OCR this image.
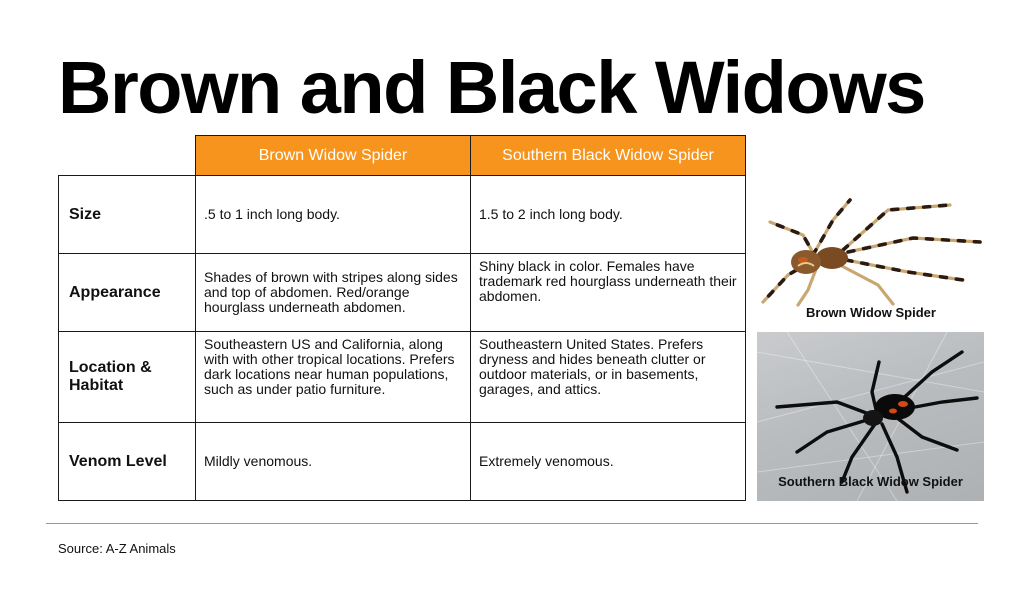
Brown and Black Widows
	Brown Widow Spider	Southern Black Widow Spider
Size	.5 to 1 inch long body.	1.5 to 2 inch long body.
Appearance	Shades of brown with stripes along sides and top of abdomen. Red/orange hourglass underneath abdomen.	Shiny black in color. Females have trademark red hourglass underneath their abdomen.
Location & Habitat	Southeastern US and California, along with with other tropical locations. Prefers dark locations near human populations, such as under patio furniture.	Southeastern United States. Prefers dryness and hides beneath clutter or outdoor materials, or in basements, garages, and attics.
Venom Level	Mildly venomous.	Extremely venomous.
Brown Widow Spider
Southern Black Widow Spider
Source: A-Z Animals
